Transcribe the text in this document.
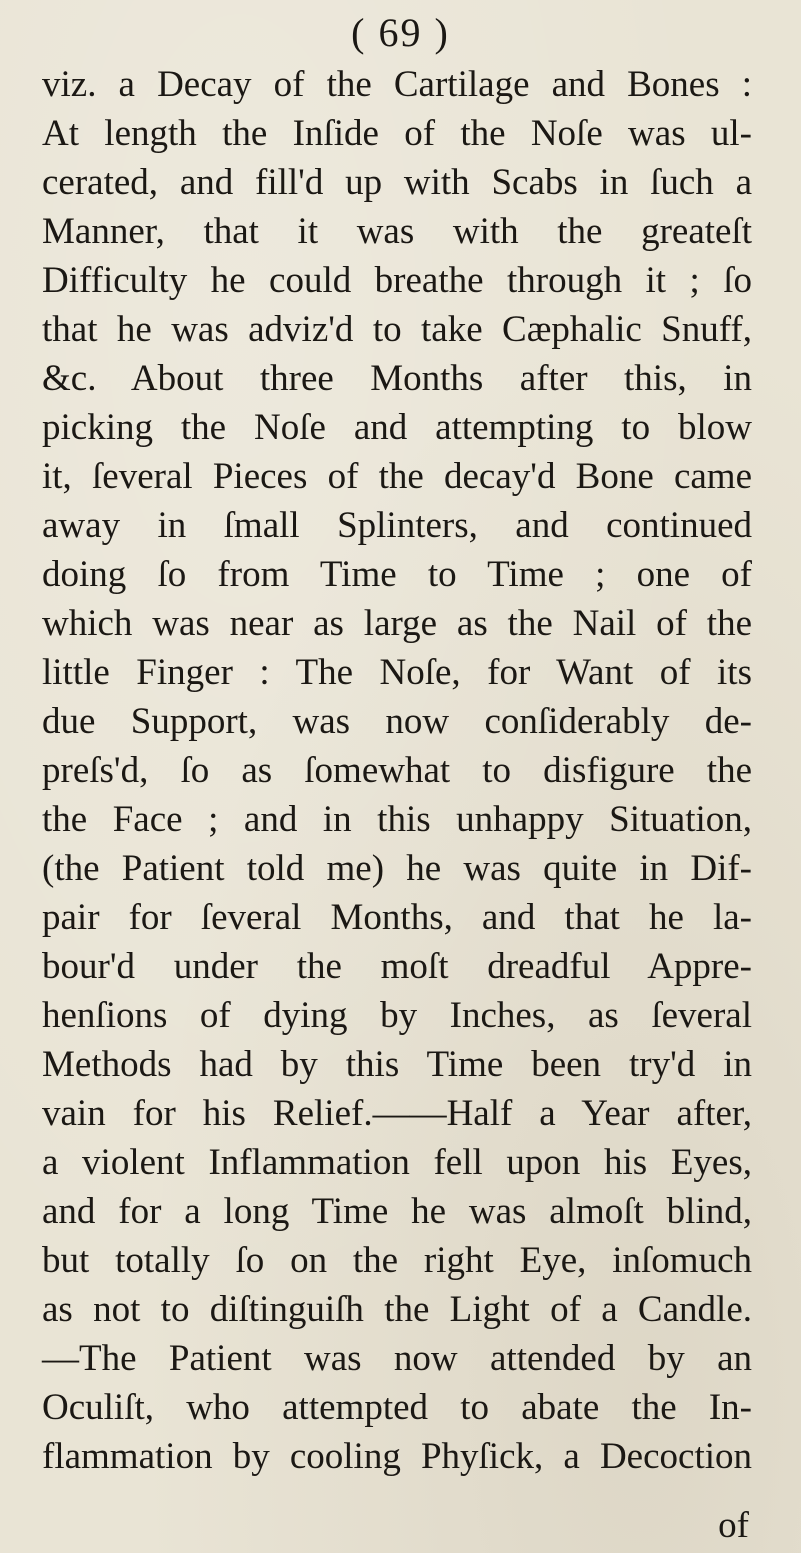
( 69 )
viz. a Decay of the Cartilage and Bones :
At length the Inſide of the Noſe was ul-
cerated, and fill'd up with Scabs in ſuch a
Manner, that it was with the greateſt
Difficulty he could breathe through it ; ſo
that he was adviz'd to take Cæphalic Snuff,
&c. About three Months after this, in
picking the Noſe and attempting to blow
it, ſeveral Pieces of the decay'd Bone came
away in ſmall Splinters, and continued
doing ſo from Time to Time ; one of
which was near as large as the Nail of the
little Finger : The Noſe, for Want of its
due Support, was now conſiderably de-
preſs'd, ſo as ſomewhat to disfigure the
the Face ; and in this unhappy Situation,
(the Patient told me) he was quite in Dif-
pair for ſeveral Months, and that he la-
bour'd under the moſt dreadful Appre-
henſions of dying by Inches, as ſeveral
Methods had by this Time been try'd in
vain for his Relief.——Half a Year after,
a violent Inflammation fell upon his Eyes,
and for a long Time he was almoſt blind,
but totally ſo on the right Eye, inſomuch
as not to diſtinguiſh the Light of a Candle.
—The Patient was now attended by an
Oculiſt, who attempted to abate the In-
flammation by cooling Phyſick, a Decoction
of
